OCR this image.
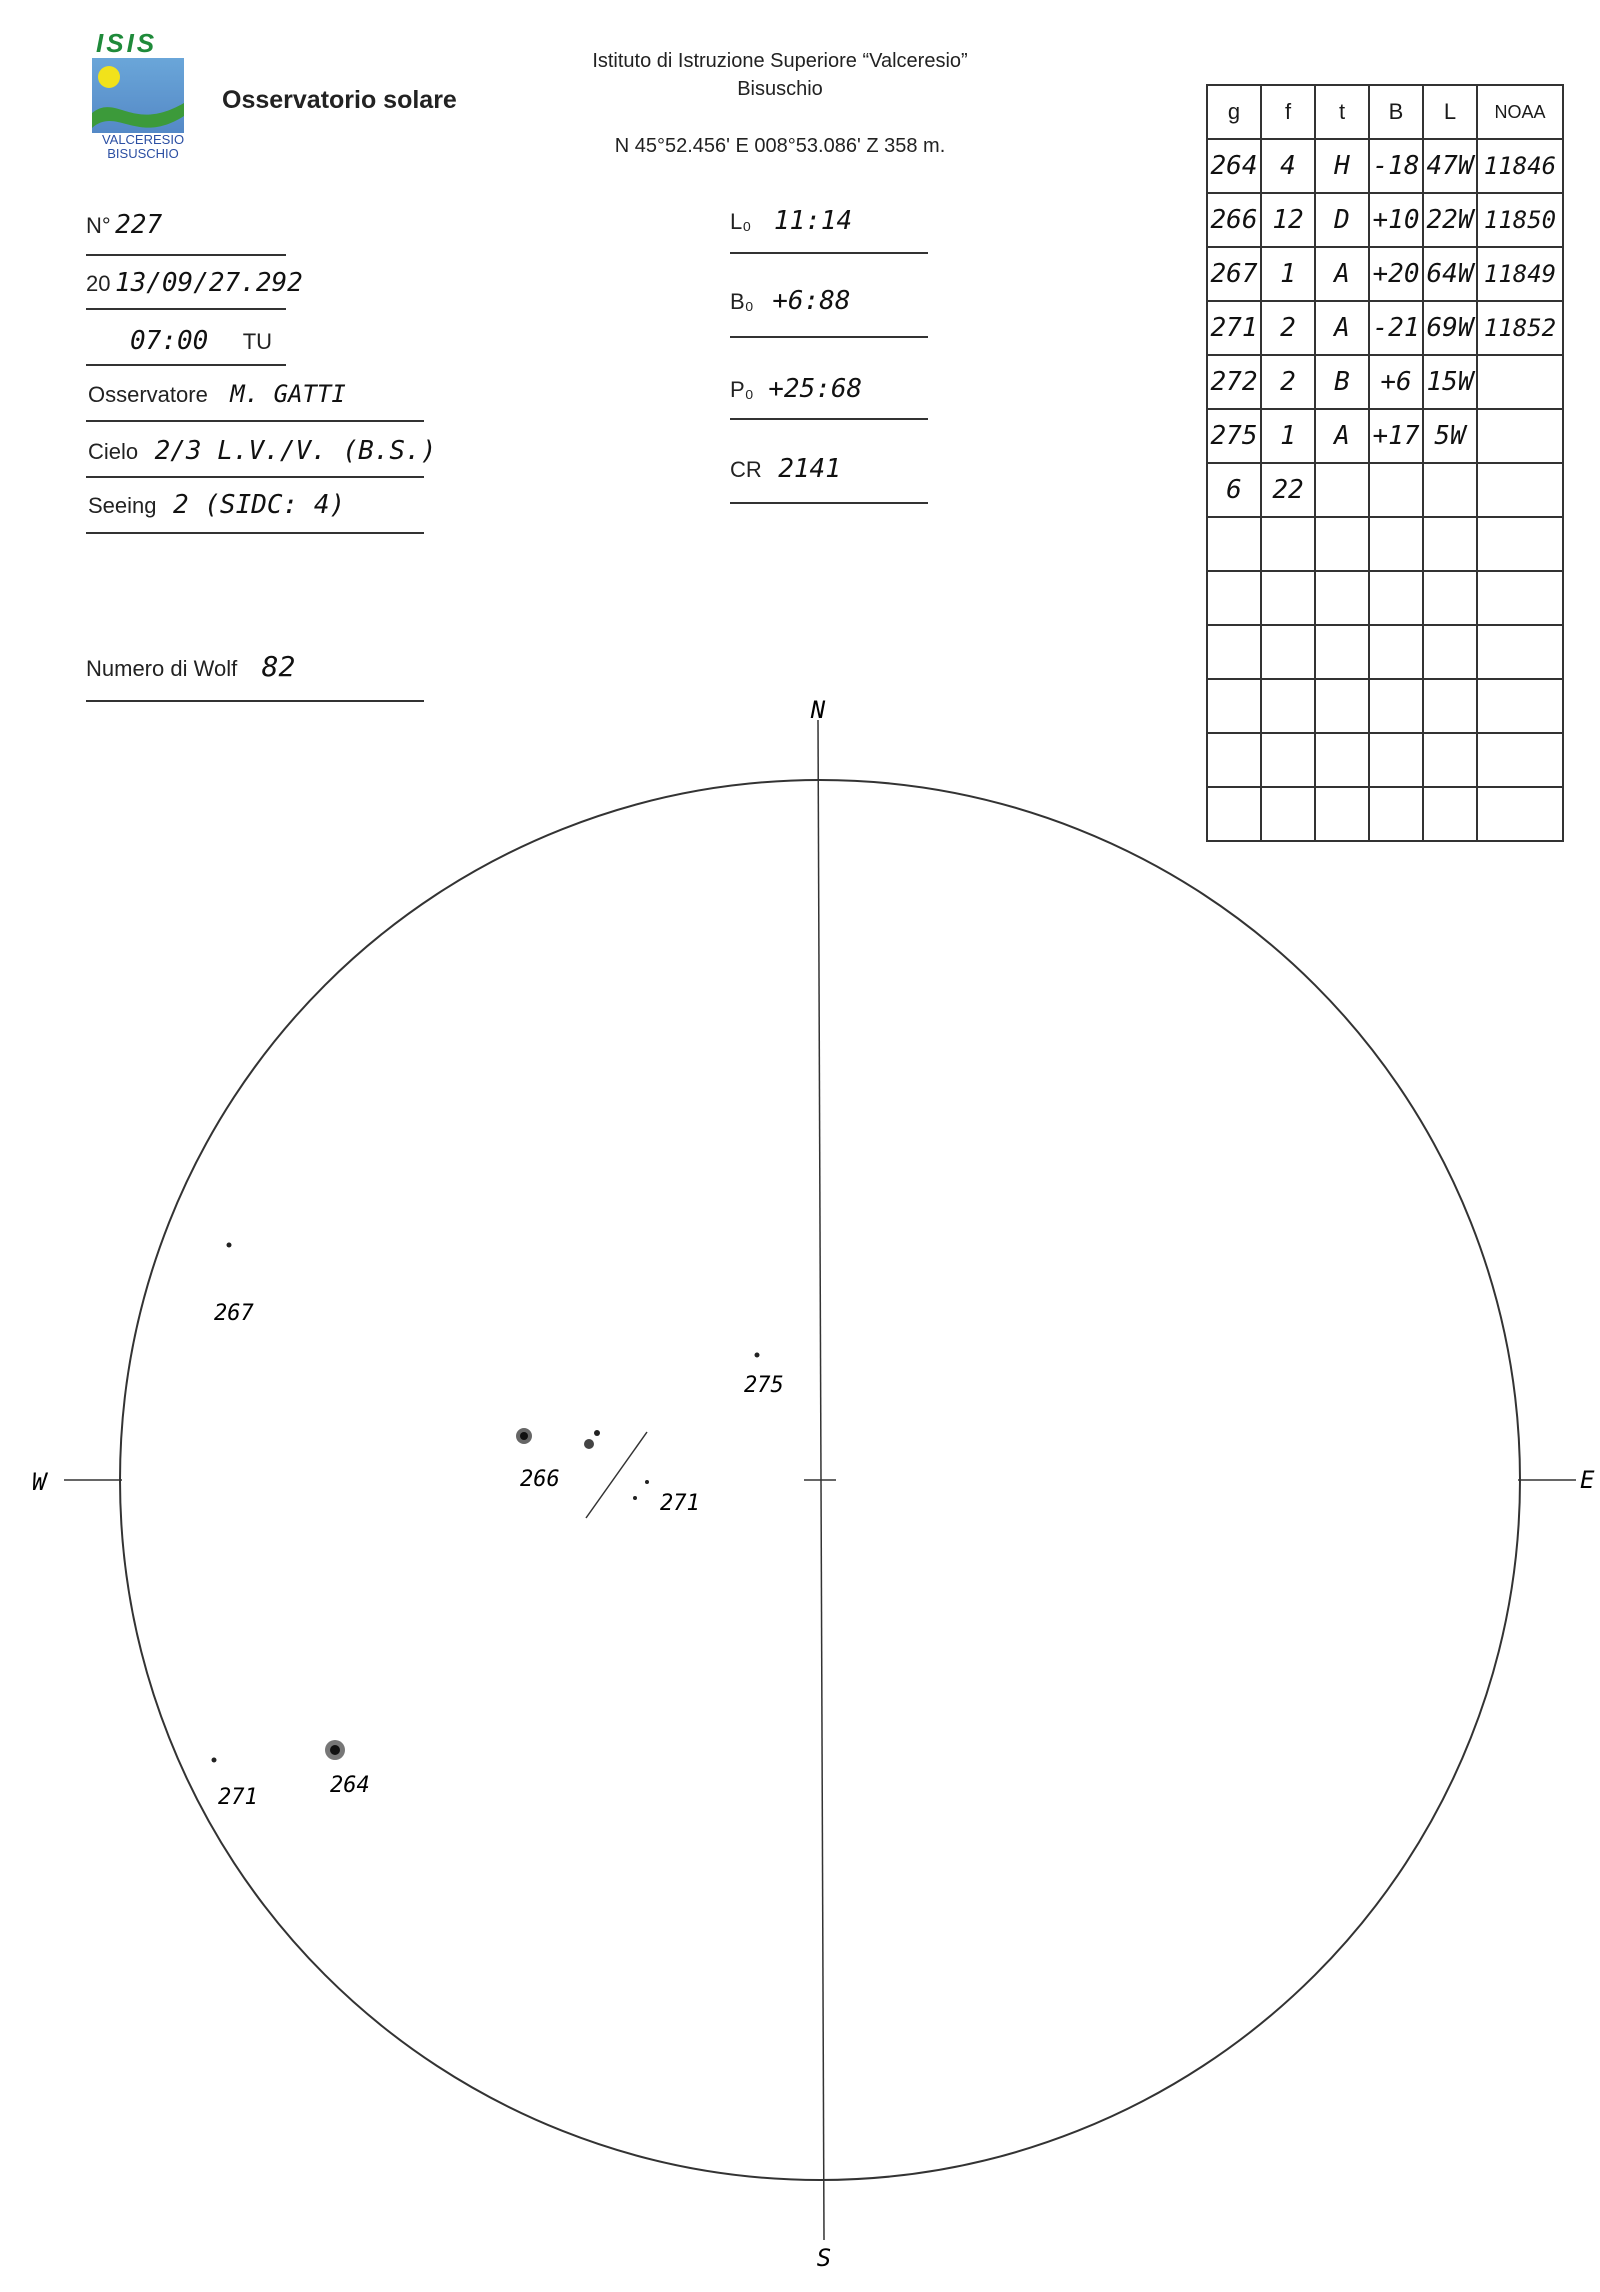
ISIS
VALCERESIO
BISUSCHIO
Osservatorio solare
Istituto di Istruzione Superiore “Valceresio”
Bisuschio
N 45°52.456' E 008°53.086' Z 358 m.
N° 227
20 13/09/27.292
07:00 TU
Osservatore M. GATTI
Cielo 2/3 L.V./V. (B.S.)
Seeing 2 (SIDC: 4)
Numero di Wolf 82
L₀ 11:14
B₀ +6:88
P₀ +25:68
CR 2141
g	f	t	B	L	NOAA
264	4	H	-18	47W	11846
266	12	D	+10	22W	11850
267	1	A	+20	64W	11849
271	2	A	-21	69W	11852
272	2	B	+6	15W	
275	1	A	+17	5W	
6	22				

N
S
E
W
267
275
266
271
271	264
